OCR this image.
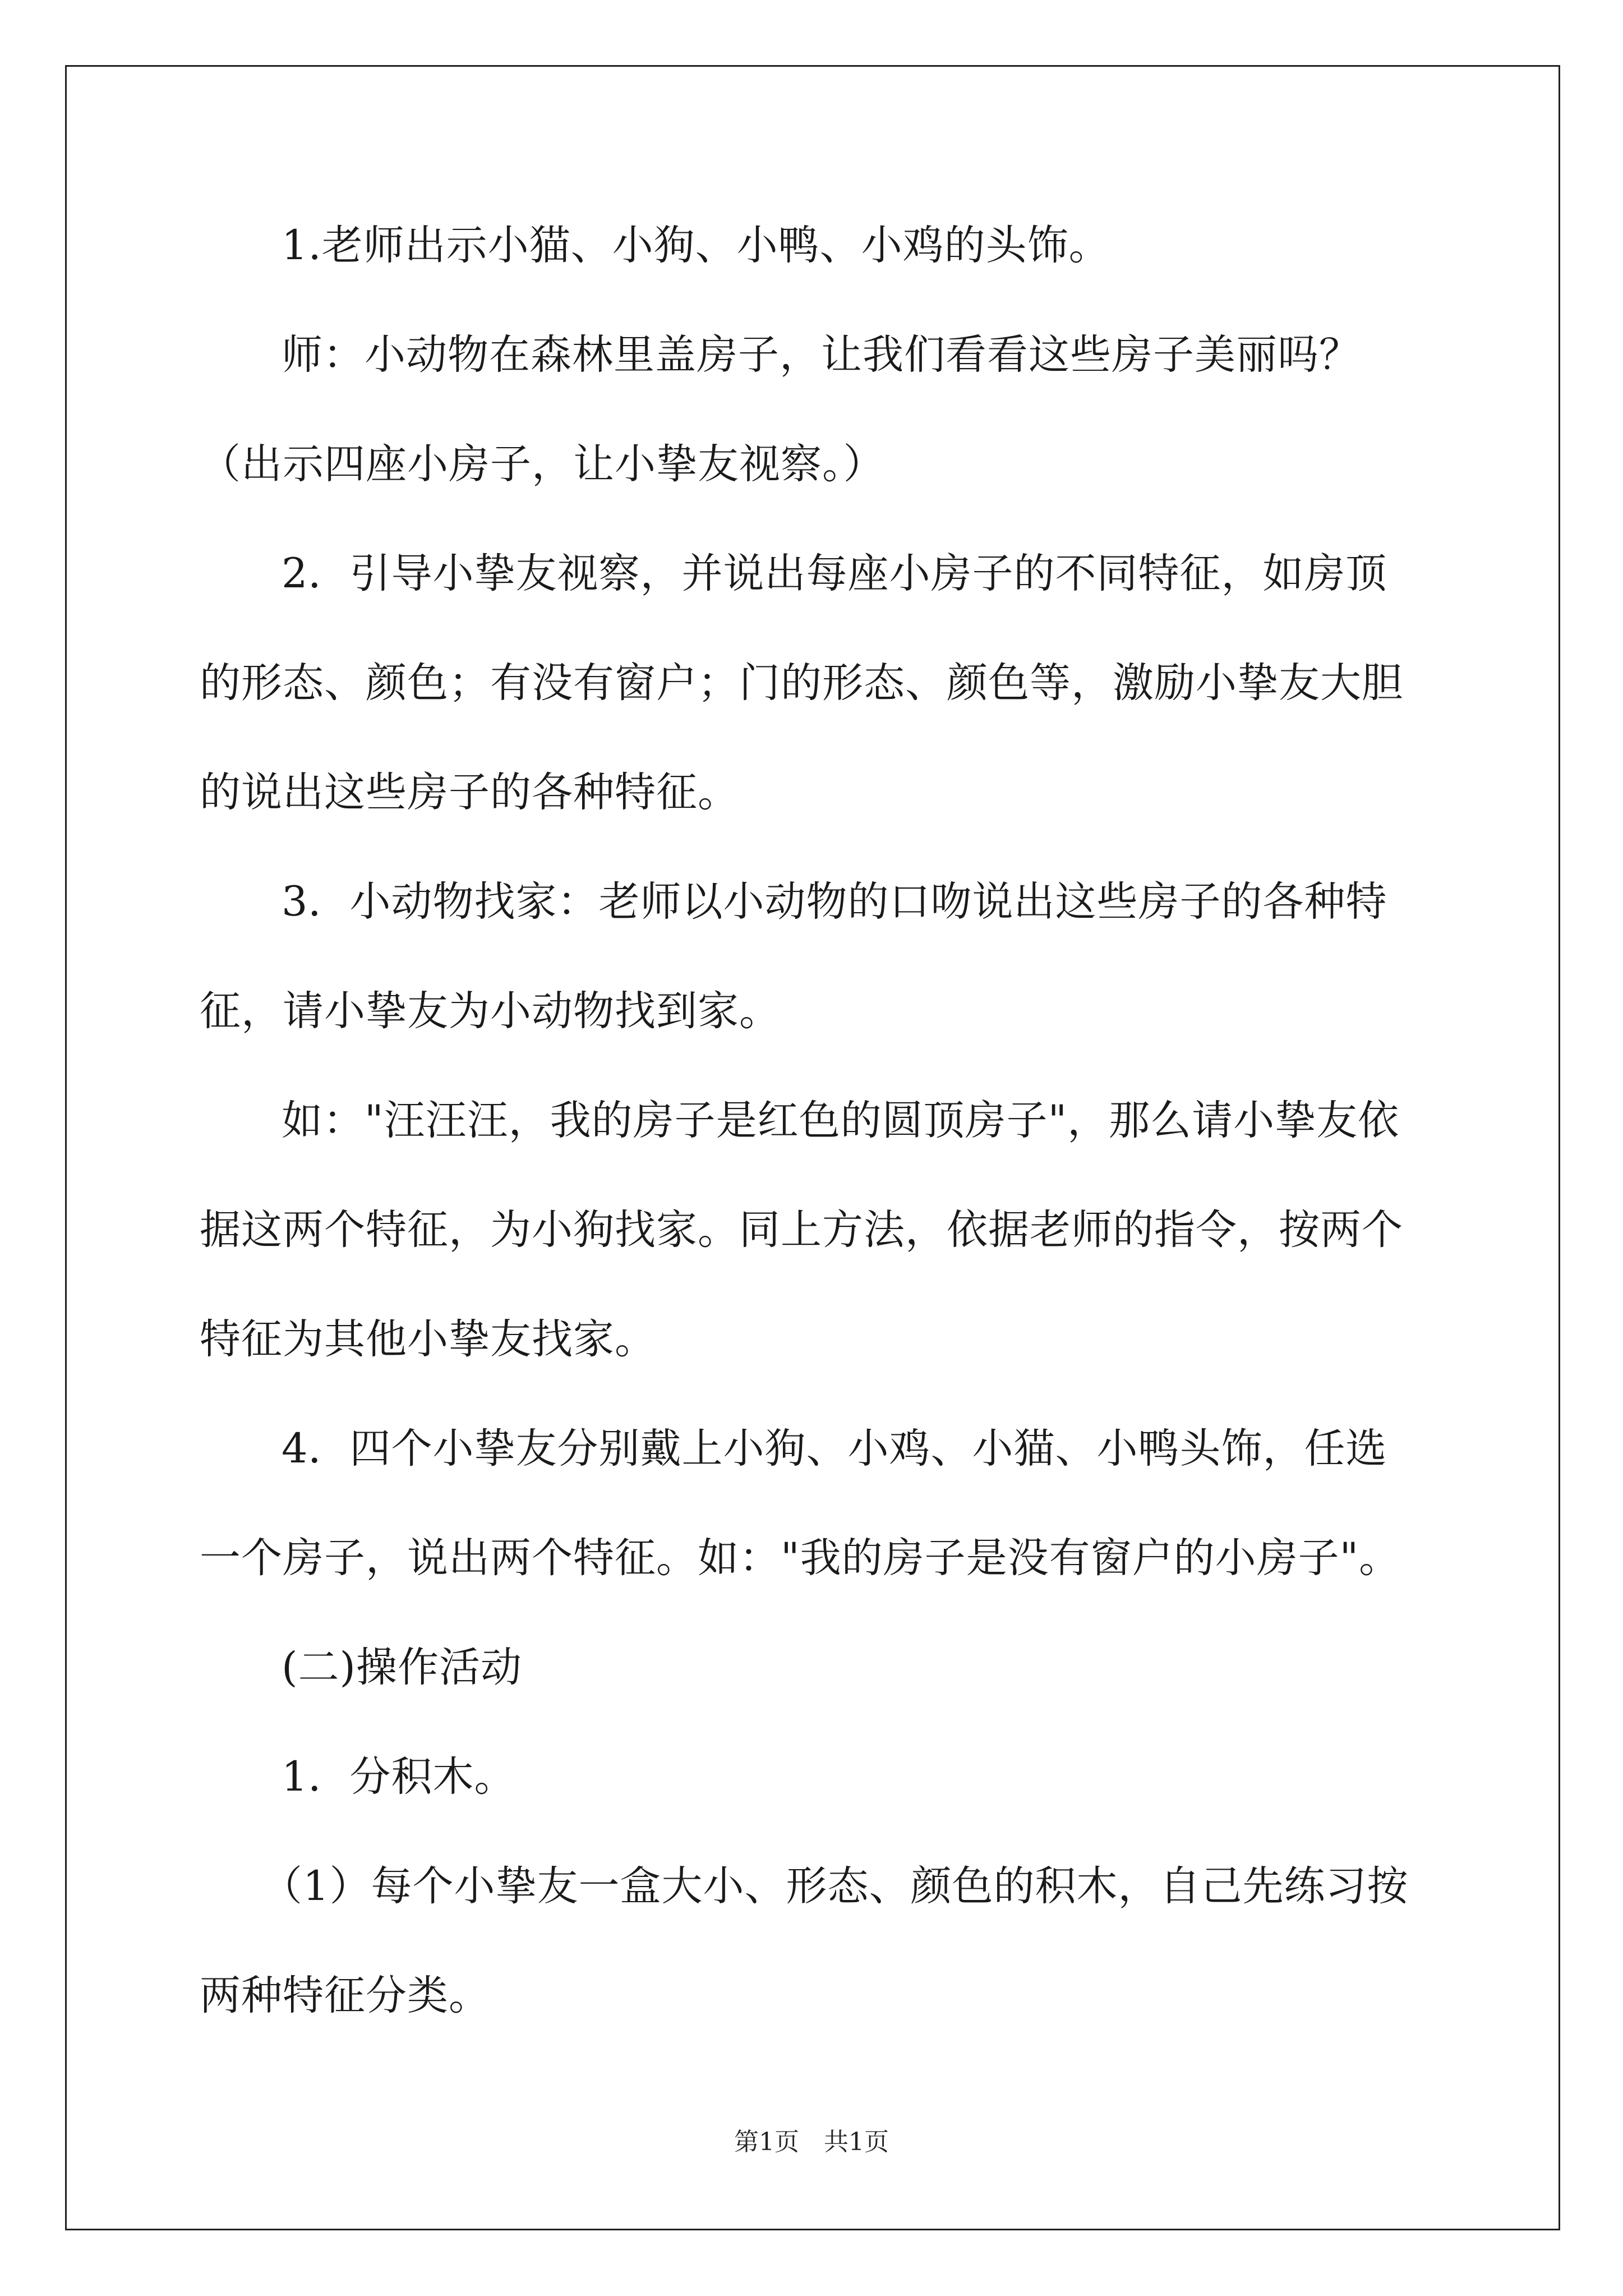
1.老师出示小猫、小狗、小鸭、小鸡的头饰。

师：小动物在森林里盖房子，让我们看看这些房子美丽吗？（出示四座小房子，让小挚友视察。）

2．引导小挚友视察，并说出每座小房子的不同特征，如房顶的形态、颜色；有没有窗户；门的形态、颜色等，激励小挚友大胆的说出这些房子的各种特征。

3．小动物找家：老师以小动物的口吻说出这些房子的各种特征，请小挚友为小动物找到家。

如："汪汪汪，我的房子是红色的圆顶房子"，那么请小挚友依据这两个特征，为小狗找家。同上方法，依据老师的指令，按两个特征为其他小挚友找家。

4．四个小挚友分别戴上小狗、小鸡、小猫、小鸭头饰，任选一个房子，说出两个特征。如："我的房子是没有窗户的小房子"。

(二)操作活动

1．分积木。

（1）每个小挚友一盒大小、形态、颜色的积木，自己先练习按两种特征分类。

第1页　共1页
